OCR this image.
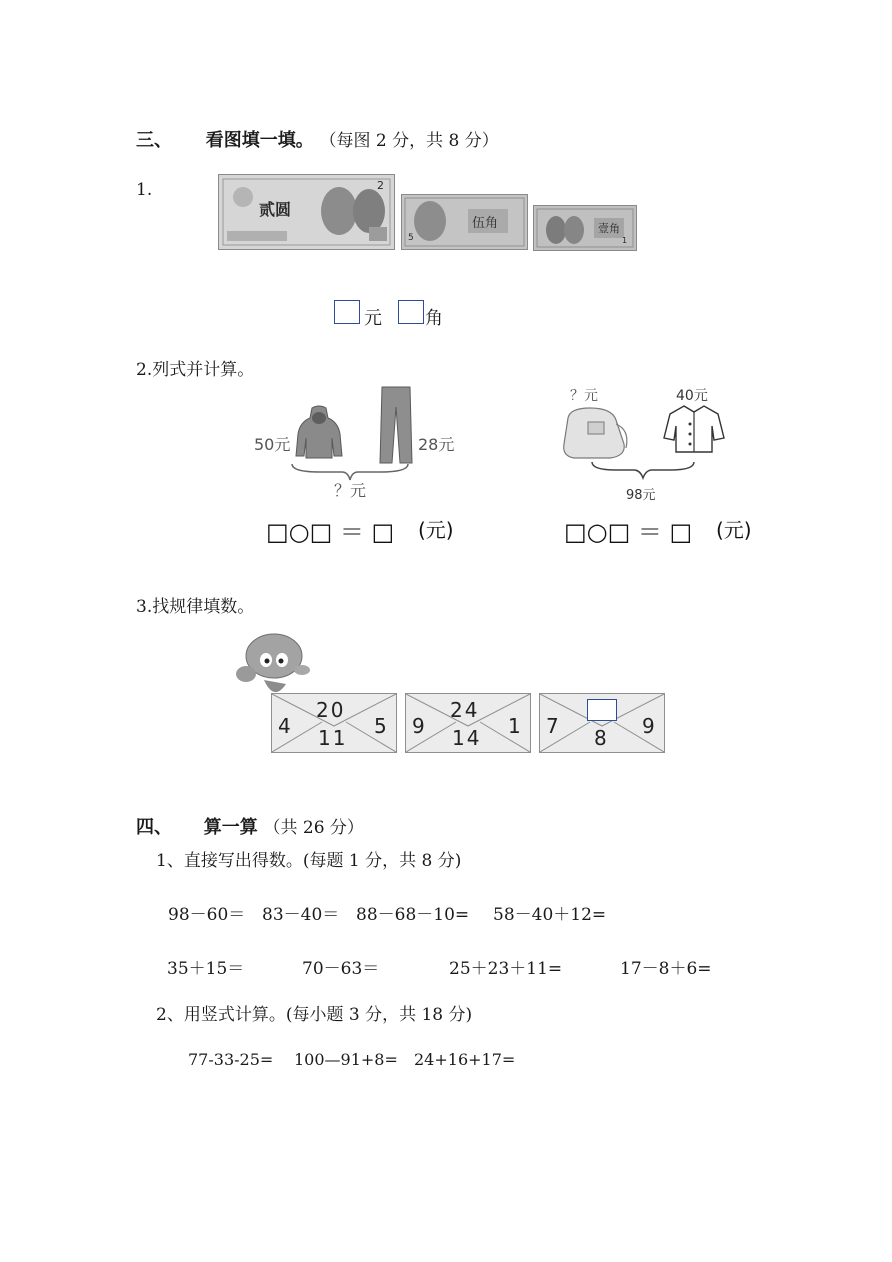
三、 看图填一填。 （每图 2 分，共 8 分）
1.
贰圆
2
伍角
5
壹角
1
元 角
2.列式并计算。
50元	28元
？元
□○□ ＝ □ (元)
？元	40元
98元
□○□ ＝ □ (元)
3.找规律填数。
20
4	5
11
24
9	1
14	7	9
8
四、 算一算 （共 26 分）
1、直接写出得数。(每题 1 分，共 8 分)
98－60＝ 83－40＝ 88－68－10= 58－40＋12=
35＋15＝	70－63＝	25＋23＋11=	17－8＋6=
2、用竖式计算。(每小题 3 分，共 18 分)
77-33-25= 100—91+8= 24+16+17=
